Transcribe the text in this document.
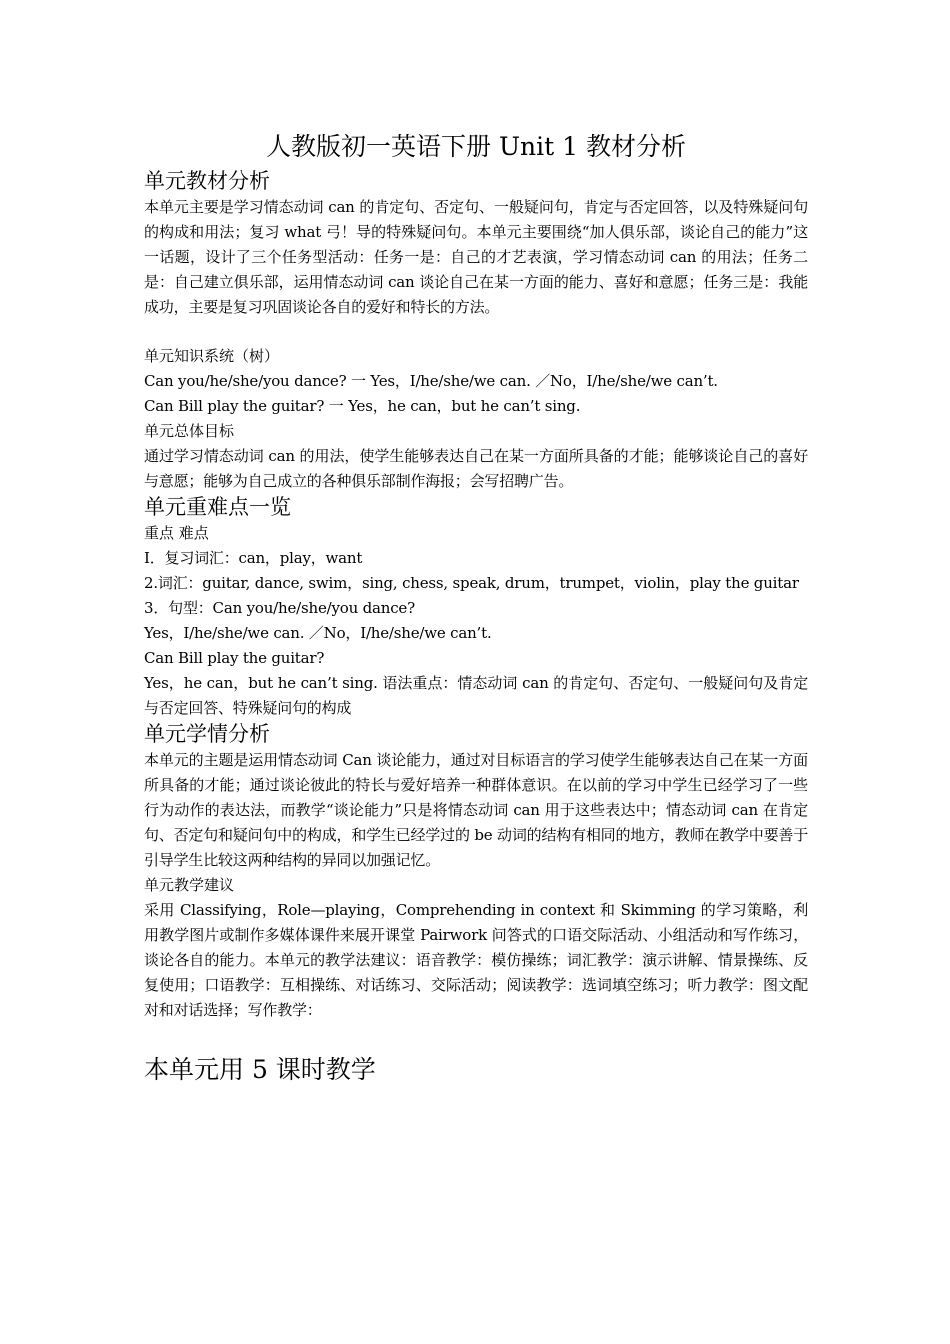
人教版初一英语下册 Unit 1 教材分析
单元教材分析

本单元主要是学习情态动词 can 的肯定句、否定句、一般疑问句，肯定与否定回答，以及特殊疑问句的构成和用法；复习 what 弓！导的特殊疑问句。本单元主要围绕“加人俱乐部，谈论自己的能力”这一话题，设计了三个任务型活动：任务一是：自己的才艺表演，学习情态动词 can 的用法；任务二是：自己建立俱乐部，运用情态动词 can 谈论自己在某一方面的能力、喜好和意愿；任务三是：我能成功，主要是复习巩固谈论各自的爱好和特长的方法。

单元知识系统（树）

Can you/he/she/you dance? 一 Yes，I/he/she/we can. ／No，I/he/she/we can’t.

Can Bill play the guitar? 一 Yes，he can，but he can’t sing.

单元总体目标

通过学习情态动词 can 的用法，使学生能够表达自己在某一方面所具备的才能；能够谈论自己的喜好与意愿；能够为自己成立的各种俱乐部制作海报；会写招聘广告。

单元重难点一览

重点 难点

I．复习词汇：can，play，want

2.词汇：guitar, dance, swim，sing, chess, speak, drum，trumpet，violin，play the guitar

3．句型：Can you/he/she/you dance?

Yes，I/he/she/we can. ／No，I/he/she/we can’t.

Can Bill play the guitar?

Yes，he can，but he can’t sing. 语法重点：情态动词 can 的肯定句、否定句、一般疑问句及肯定与否定回答、特殊疑问句的构成

单元学情分析

本单元的主题是运用情态动词 Can 谈论能力，通过对目标语言的学习使学生能够表达自己在某一方面所具备的才能；通过谈论彼此的特长与爱好培养一种群体意识。在以前的学习中学生已经学习了一些行为动作的表达法，而教学“谈论能力”只是将情态动词 can 用于这些表达中；情态动词 can 在肯定句、否定句和疑问句中的构成，和学生已经学过的 be 动词的结构有相同的地方，教师在教学中要善于引导学生比较这两种结构的异同以加强记忆。

单元教学建议

采用 Classifying，Role—playing，Comprehending in context 和 Skimming 的学习策略，利用教学图片或制作多媒体课件来展开课堂 Pairwork 问答式的口语交际活动、小组活动和写作练习，谈论各自的能力。本单元的教学法建议：语音教学：模仿操练；词汇教学：演示讲解、情景操练、反复使用；口语教学：互相操练、对话练习、交际活动；阅读教学：选词填空练习；听力教学：图文配对和对话选择；写作教学：

本单元用 5 课时教学
